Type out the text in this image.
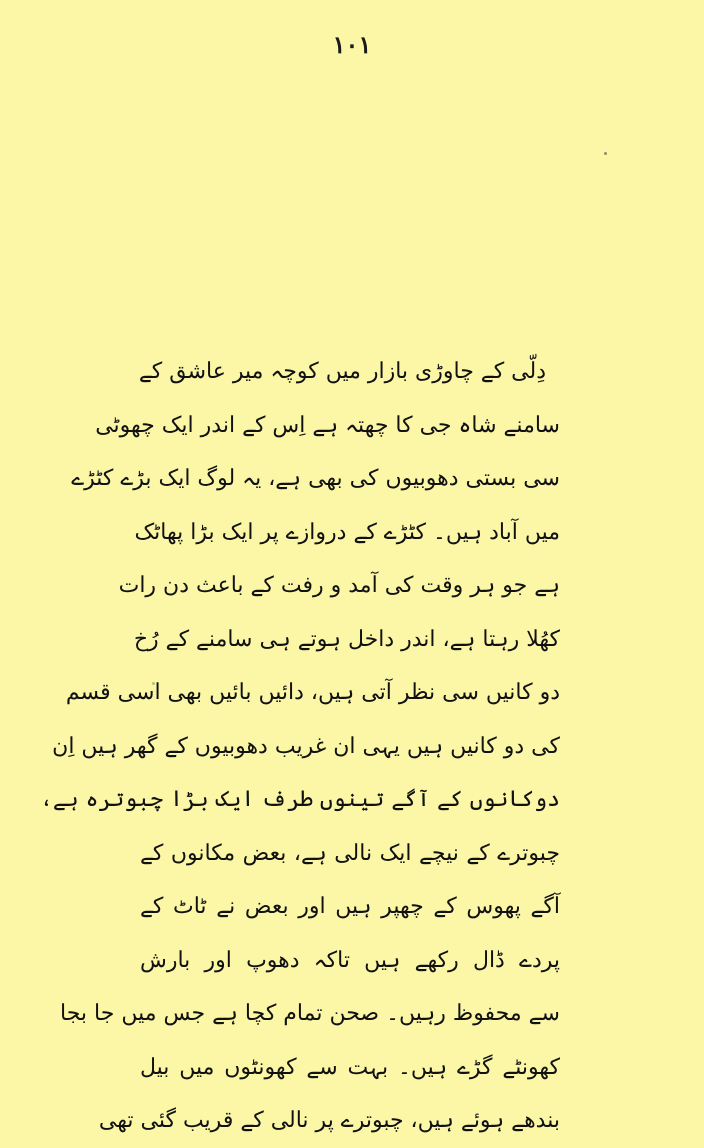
۱۰۱
دِلّی کے چاوڑی بازار میں کوچہ میر عاشق کے
سامنے شاہ جی کا چھتہ ہے اِس کے اندر ایک چھوٹی
سی بستی دھوبیوں کی بھی ہے، یہ لوگ ایک بڑے کٹڑے
میں آباد ہیں۔ کٹڑے کے دروازے پر ایک بڑا پھاٹک
ہے جو ہر وقت کی آمد و رفت کے باعث دن رات
کھُلا رہتا ہے، اندر داخل ہوتے ہی سامنے کے رُخ
دو کانیں سی نظر آتی ہیں، دائیں بائیں بھی اسی قسم
کی دو کانیں ہیں یہی ان غریب دھوبیوں کے گھر ہیں اِن
دوکانوں کے آگے تینوں طرف ایک بڑا چبوترہ ہے،
چبوترے کے نیچے ایک نالی ہے، بعض مکانوں کے
آگے پھوس کے چھپر ہیں اور بعض نے ٹاٹ کے
پردے ڈال رکھے ہیں تاکہ دھوپ اور بارش
سے محفوظ رہیں۔ صحن تمام کچا ہے جس میں جا بجا
کھونٹے گڑے ہیں۔ بہت سے کھونٹوں میں بیل
بندھے ہوئے ہیں، چبوترے پر نالی کے قریب گئی تھی
